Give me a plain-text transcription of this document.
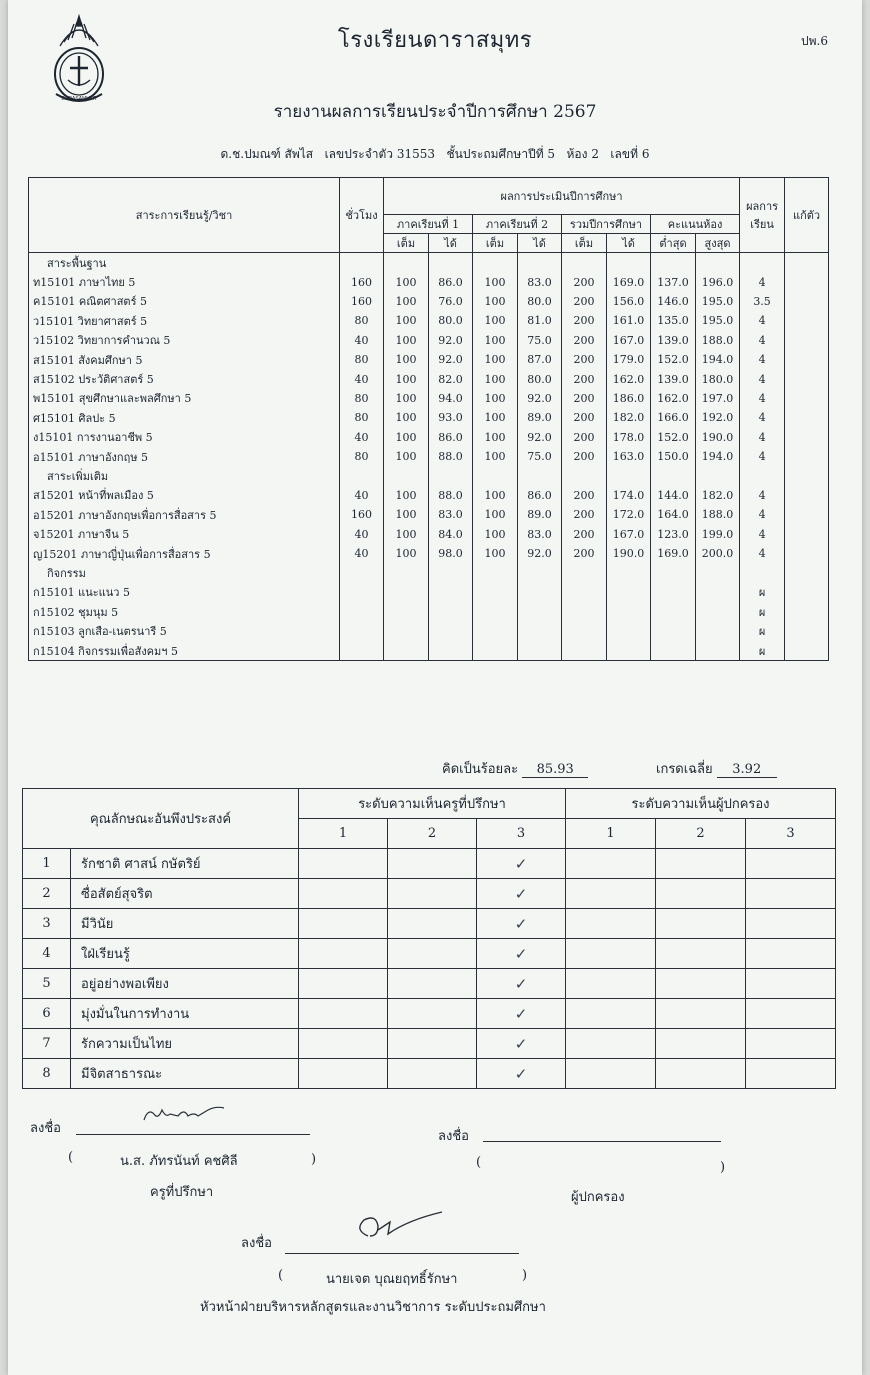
DARASAMUTR
โรงเรียนดาราสมุทร	ปพ.6
รายงานผลการเรียนประจำปีการศึกษา 2567
ด.ช.ปมณฑ์ สัพไส เลขประจำตัว 31553 ชั้นประถมศึกษาปีที่ 5 ห้อง 2 เลขที่ 6
สาระการเรียนรู้/วิชา	ชั่วโมง	ผลการประเมินปีการศึกษา								ผลการเรียน	แก้ตัว
		ภาคเรียนที่ 1		ภาคเรียนที่ 2		รวมปีการศึกษา		คะแนนห้อง			
		เต็ม	ได้	เต็ม	ได้	เต็ม	ได้	ต่ำสุด	สูงสุด		
สาระพื้นฐาน											
ท15101 ภาษาไทย 5	160	100	86.0	100	83.0	200	169.0	137.0	196.0	4	
ค15101 คณิตศาสตร์ 5	160	100	76.0	100	80.0	200	156.0	146.0	195.0	3.5	
ว15101 วิทยาศาสตร์ 5	80	100	80.0	100	81.0	200	161.0	135.0	195.0	4	
ว15102 วิทยาการคำนวณ 5	40	100	92.0	100	75.0	200	167.0	139.0	188.0	4	
ส15101 สังคมศึกษา 5	80	100	92.0	100	87.0	200	179.0	152.0	194.0	4	
ส15102 ประวัติศาสตร์ 5	40	100	82.0	100	80.0	200	162.0	139.0	180.0	4	
พ15101 สุขศึกษาและพลศึกษา 5	80	100	94.0	100	92.0	200	186.0	162.0	197.0	4	
ศ15101 ศิลปะ 5	80	100	93.0	100	89.0	200	182.0	166.0	192.0	4	
ง15101 การงานอาชีพ 5	40	100	86.0	100	92.0	200	178.0	152.0	190.0	4	
อ15101 ภาษาอังกฤษ 5	80	100	88.0	100	75.0	200	163.0	150.0	194.0	4	
สาระเพิ่มเติม											
ส15201 หน้าที่พลเมือง 5	40	100	88.0	100	86.0	200	174.0	144.0	182.0	4	
อ15201 ภาษาอังกฤษเพื่อการสื่อสาร 5	160	100	83.0	100	89.0	200	172.0	164.0	188.0	4	
จ15201 ภาษาจีน 5	40	100	84.0	100	83.0	200	167.0	123.0	199.0	4	
ญ15201 ภาษาญี่ปุ่นเพื่อการสื่อสาร 5	40	100	98.0	100	92.0	200	190.0	169.0	200.0	4	
กิจกรรม											
ก15101 แนะแนว 5										ผ	
ก15102 ชุมนุม 5										ผ	
ก15103 ลูกเสือ-เนตรนารี 5										ผ	
ก15104 กิจกรรมเพื่อสังคมฯ 5										ผ	
คิดเป็นร้อยละ 85.93	เกรดเฉลี่ย 3.92
คุณลักษณะอันพึงประสงค์		ระดับความเห็นครูที่ปรึกษา			ระดับความเห็นผู้ปกครอง		
		1	2	3	1	2	3
1	รักชาติ ศาสน์ กษัตริย์			✓			
2	ซื่อสัตย์สุจริต			✓			
3	มีวินัย			✓			
4	ใฝ่เรียนรู้			✓			
5	อยู่อย่างพอเพียง			✓			
6	มุ่งมั่นในการทำงาน			✓			
7	รักความเป็นไทย			✓			
8	มีจิตสาธารณะ			✓			
ลงชื่อ
(	น.ส. ภัทรนันท์ คชศิลี	)
ครูที่ปรึกษา
ลงชื่อ
(	)
ผู้ปกครอง
ลงชื่อ
(	นายเจต บุณยฤทธิ์รักษา	)
หัวหน้าฝ่ายบริหารหลักสูตรและงานวิชาการ ระดับประถมศึกษา
